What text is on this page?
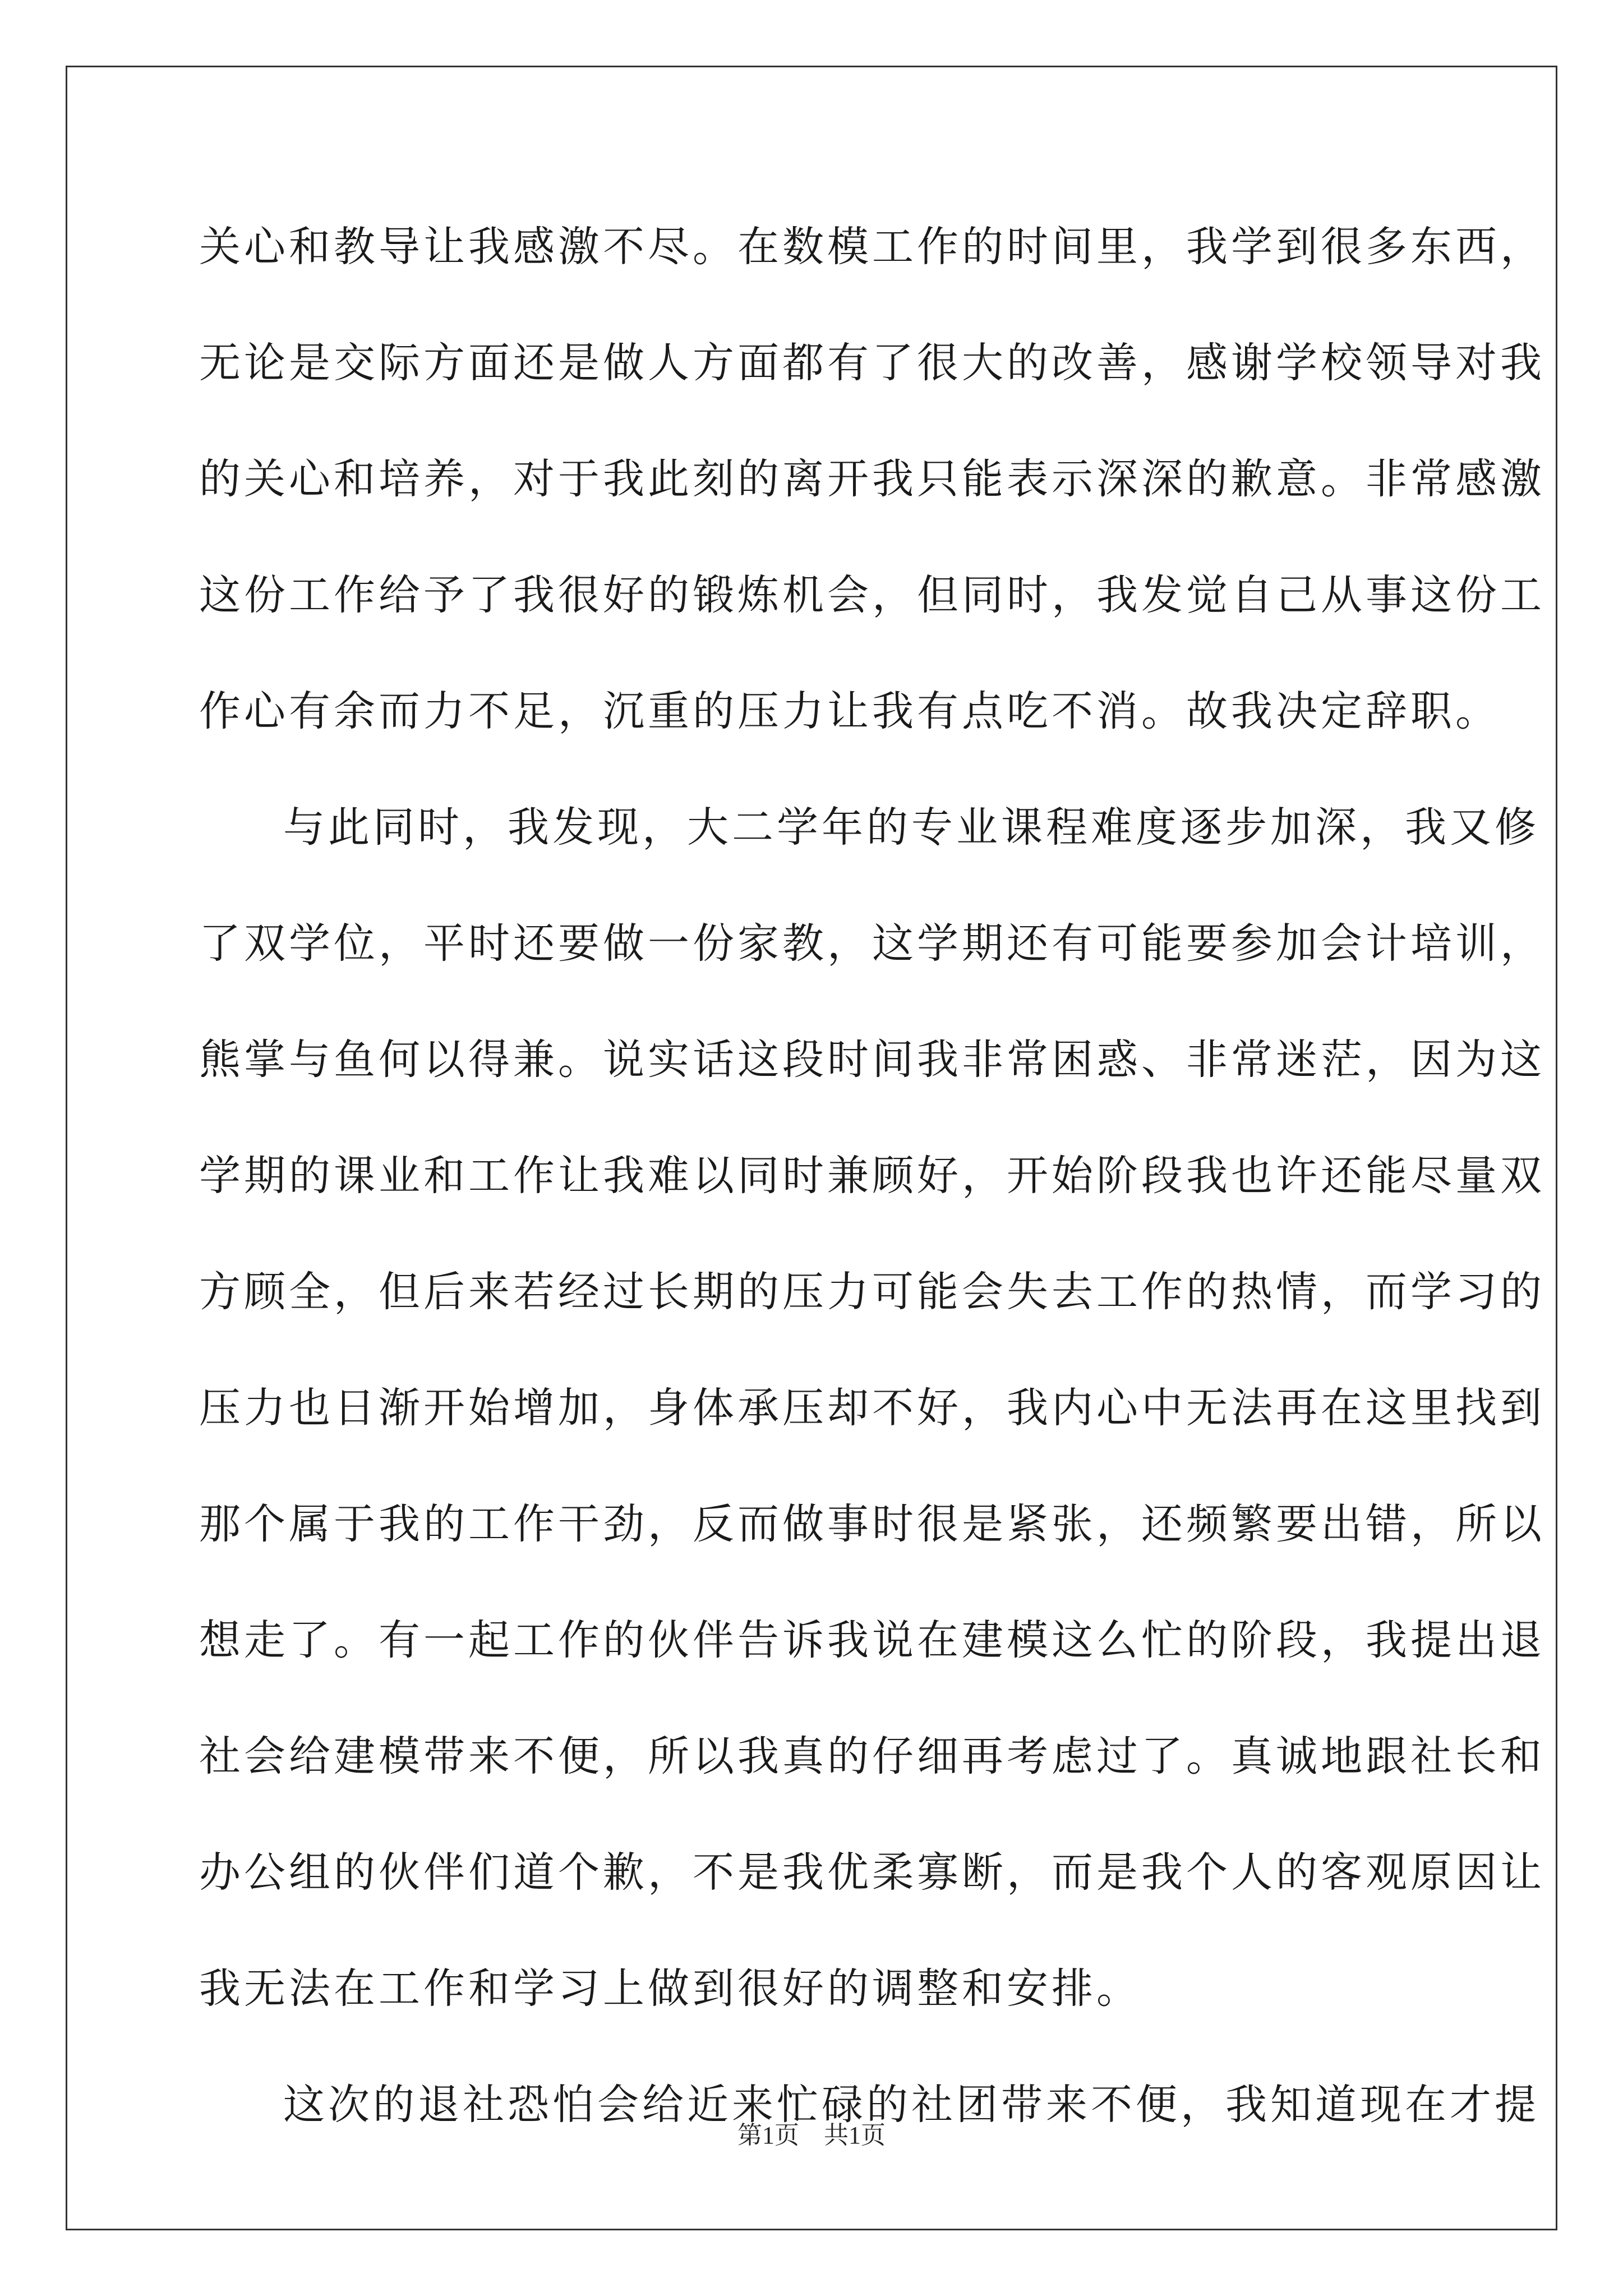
关心和教导让我感激不尽。在数模工作的时间里，我学到很多东西，
无论是交际方面还是做人方面都有了很大的改善，感谢学校领导对我
的关心和培养，对于我此刻的离开我只能表示深深的歉意。非常感激
这份工作给予了我很好的锻炼机会，但同时，我发觉自己从事这份工
作心有余而力不足，沉重的压力让我有点吃不消。故我决定辞职。
与此同时，我发现，大二学年的专业课程难度逐步加深，我又修
了双学位，平时还要做一份家教，这学期还有可能要参加会计培训，
熊掌与鱼何以得兼。说实话这段时间我非常困惑、非常迷茫，因为这
学期的课业和工作让我难以同时兼顾好，开始阶段我也许还能尽量双
方顾全，但后来若经过长期的压力可能会失去工作的热情，而学习的
压力也日渐开始增加，身体承压却不好，我内心中无法再在这里找到
那个属于我的工作干劲，反而做事时很是紧张，还频繁要出错，所以
想走了。有一起工作的伙伴告诉我说在建模这么忙的阶段，我提出退
社会给建模带来不便，所以我真的仔细再考虑过了。真诚地跟社长和
办公组的伙伴们道个歉，不是我优柔寡断，而是我个人的客观原因让
我无法在工作和学习上做到很好的调整和安排。
这次的退社恐怕会给近来忙碌的社团带来不便，我知道现在才提
第1页　共1页
